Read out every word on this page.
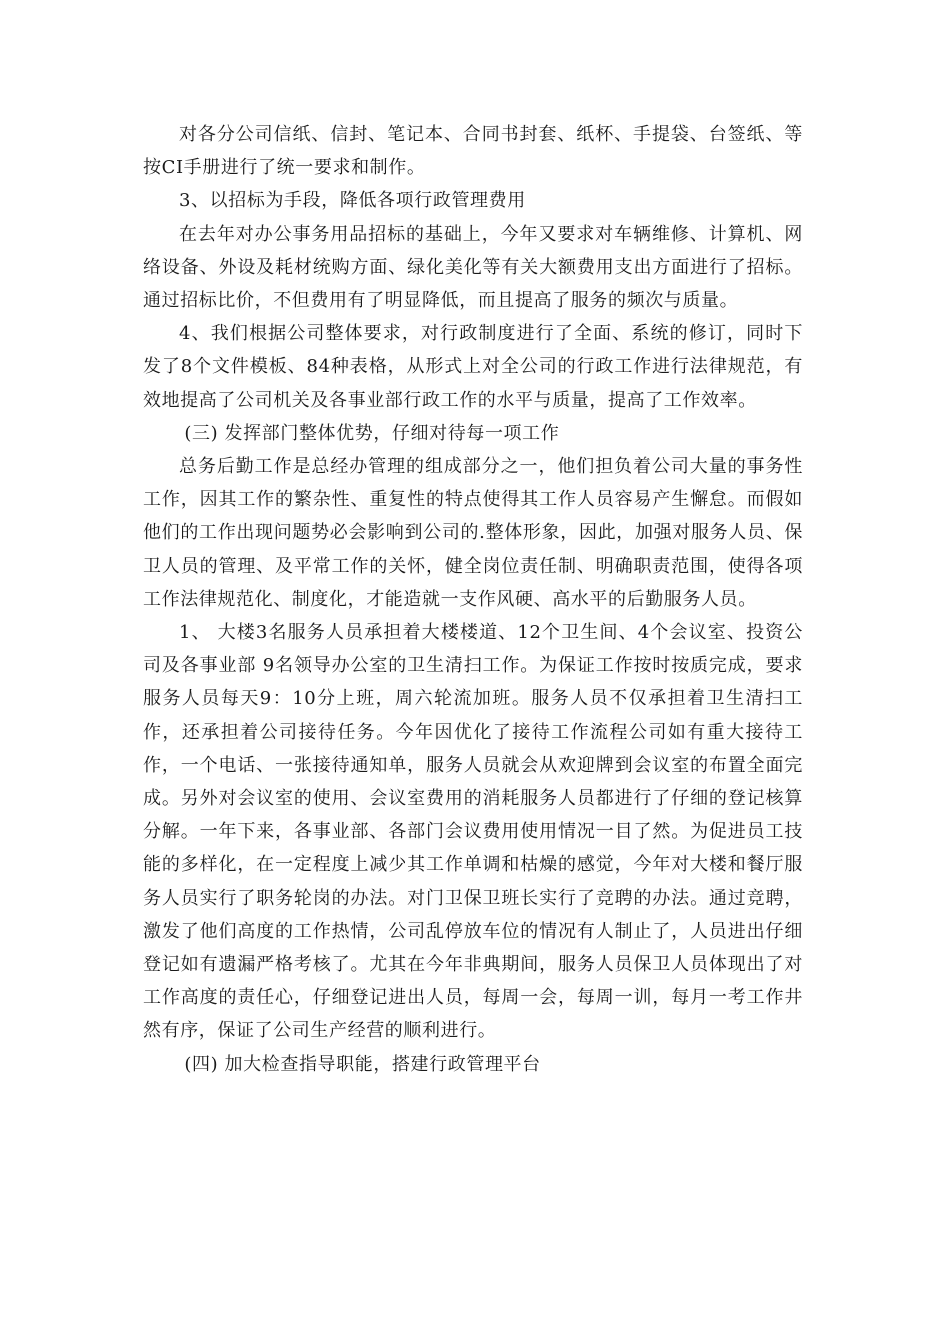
对各分公司信纸、信封、笔记本、合同书封套、纸杯、手提袋、台签纸、等按CI手册进行了统一要求和制作。

3、以招标为手段，降低各项行政管理费用

在去年对办公事务用品招标的基础上，今年又要求对车辆维修、计算机、网络设备、外设及耗材统购方面、绿化美化等有关大额费用支出方面进行了招标。通过招标比价，不但费用有了明显降低，而且提高了服务的频次与质量。

4、我们根据公司整体要求，对行政制度进行了全面、系统的修订，同时下发了8个文件模板、84种表格，从形式上对全公司的行政工作进行法律规范，有效地提高了公司机关及各事业部行政工作的水平与质量，提高了工作效率。

(三) 发挥部门整体优势，仔细对待每一项工作

总务后勤工作是总经办管理的组成部分之一，他们担负着公司大量的事务性工作，因其工作的繁杂性、重复性的特点使得其工作人员容易产生懈怠。而假如他们的工作出现问题势必会影响到公司的.整体形象，因此，加强对服务人员、保卫人员的管理、及平常工作的关怀，健全岗位责任制、明确职责范围，使得各项工作法律规范化、制度化，才能造就一支作风硬、高水平的后勤服务人员。

1、 大楼3名服务人员承担着大楼楼道、12个卫生间、4个会议室、投资公司及各事业部 9名领导办公室的卫生清扫工作。为保证工作按时按质完成，要求服务人员每天9：10分上班，周六轮流加班。服务人员不仅承担着卫生清扫工作，还承担着公司接待任务。今年因优化了接待工作流程公司如有重大接待工作，一个电话、一张接待通知单，服务人员就会从欢迎牌到会议室的布置全面完成。另外对会议室的使用、会议室费用的消耗服务人员都进行了仔细的登记核算分解。一年下来，各事业部、各部门会议费用使用情况一目了然。为促进员工技能的多样化，在一定程度上减少其工作单调和枯燥的感觉，今年对大楼和餐厅服务人员实行了职务轮岗的办法。对门卫保卫班长实行了竞聘的办法。通过竞聘，激发了他们高度的工作热情，公司乱停放车位的情况有人制止了，人员进出仔细登记如有遗漏严格考核了。尤其在今年非典期间，服务人员保卫人员体现出了对工作高度的责任心，仔细登记进出人员，每周一会，每周一训，每月一考工作井然有序，保证了公司生产经营的顺利进行。

(四) 加大检查指导职能，搭建行政管理平台
